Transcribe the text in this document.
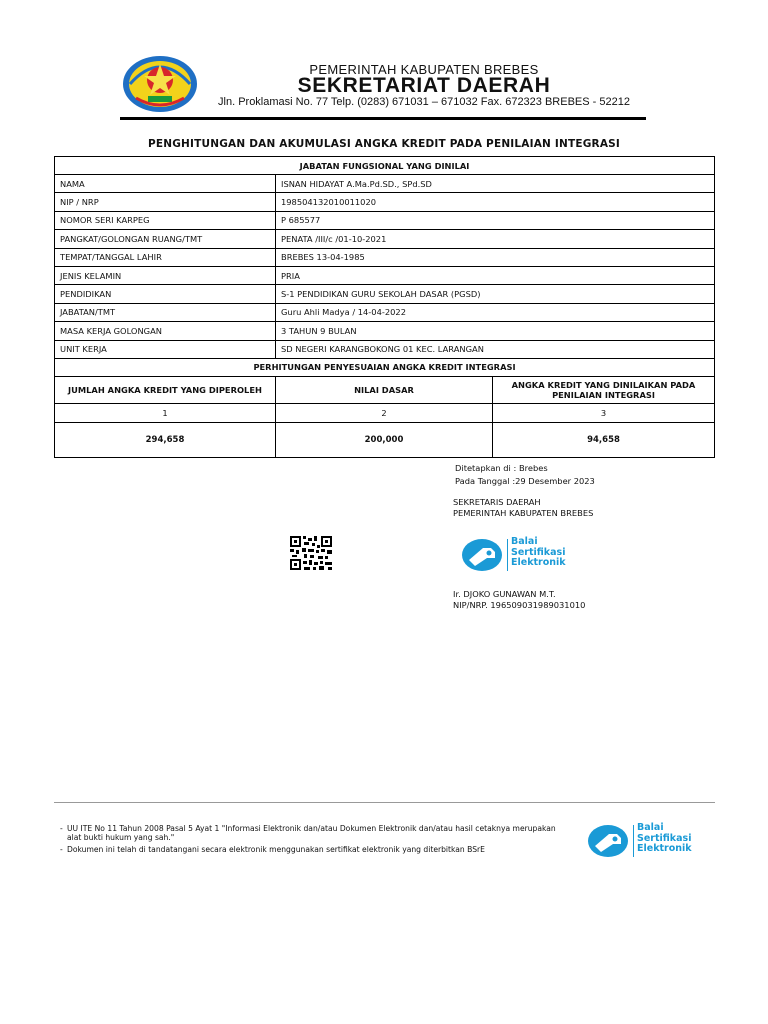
PEMERINTAH KABUPATEN BREBES
SEKRETARIAT DAERAH
Jln. Proklamasi No. 77 Telp. (0283) 671031 – 671032 Fax. 672323 BREBES - 52212
PENGHITUNGAN DAN AKUMULASI ANGKA KREDIT PADA PENILAIAN INTEGRASI
JABATAN FUNGSIONAL YANG DINILAI		
NAMA	ISNAN HIDAYAT A.Ma.Pd.SD., SPd.SD	
NIP / NRP	198504132010011020	
NOMOR SERI KARPEG	P 685577	
PANGKAT/GOLONGAN RUANG/TMT	PENATA /III/c /01-10-2021	
TEMPAT/TANGGAL LAHIR	BREBES 13-04-1985	
JENIS KELAMIN	PRIA	
PENDIDIKAN	S-1 PENDIDIKAN GURU SEKOLAH DASAR (PGSD)	
JABATAN/TMT	Guru Ahli Madya / 14-04-2022	
MASA KERJA GOLONGAN	3 TAHUN 9 BULAN	
UNIT KERJA	SD NEGERI KARANGBOKONG 01 KEC. LARANGAN	
PERHITUNGAN PENYESUAIAN ANGKA KREDIT INTEGRASI		
JUMLAH ANGKA KREDIT YANG DIPEROLEH	NILAI DASAR	ANGKA KREDIT YANG DINILAIKAN PADA PENILAIAN INTEGRASI
1	2	3
294,658	200,000	94,658
Ditetapkan di : Brebes
Pada Tanggal :29 Desember 2023
SEKRETARIS DAERAH
PEMERINTAH KABUPATEN BREBES
Balai
Sertifikasi
Elektronik
Ir. DJOKO GUNAWAN M.T.
NIP/NRP. 196509031989031010
- UU ITE No 11 Tahun 2008 Pasal 5 Ayat 1 "Informasi Elektronik dan/atau Dokumen Elektronik dan/atau hasil cetaknya merupakan alat bukti hukum yang sah."
- Dokumen ini telah di tandatangani secara elektronik menggunakan sertifikat elektronik yang diterbitkan BSrE
Balai
Sertifikasi
Elektronik
